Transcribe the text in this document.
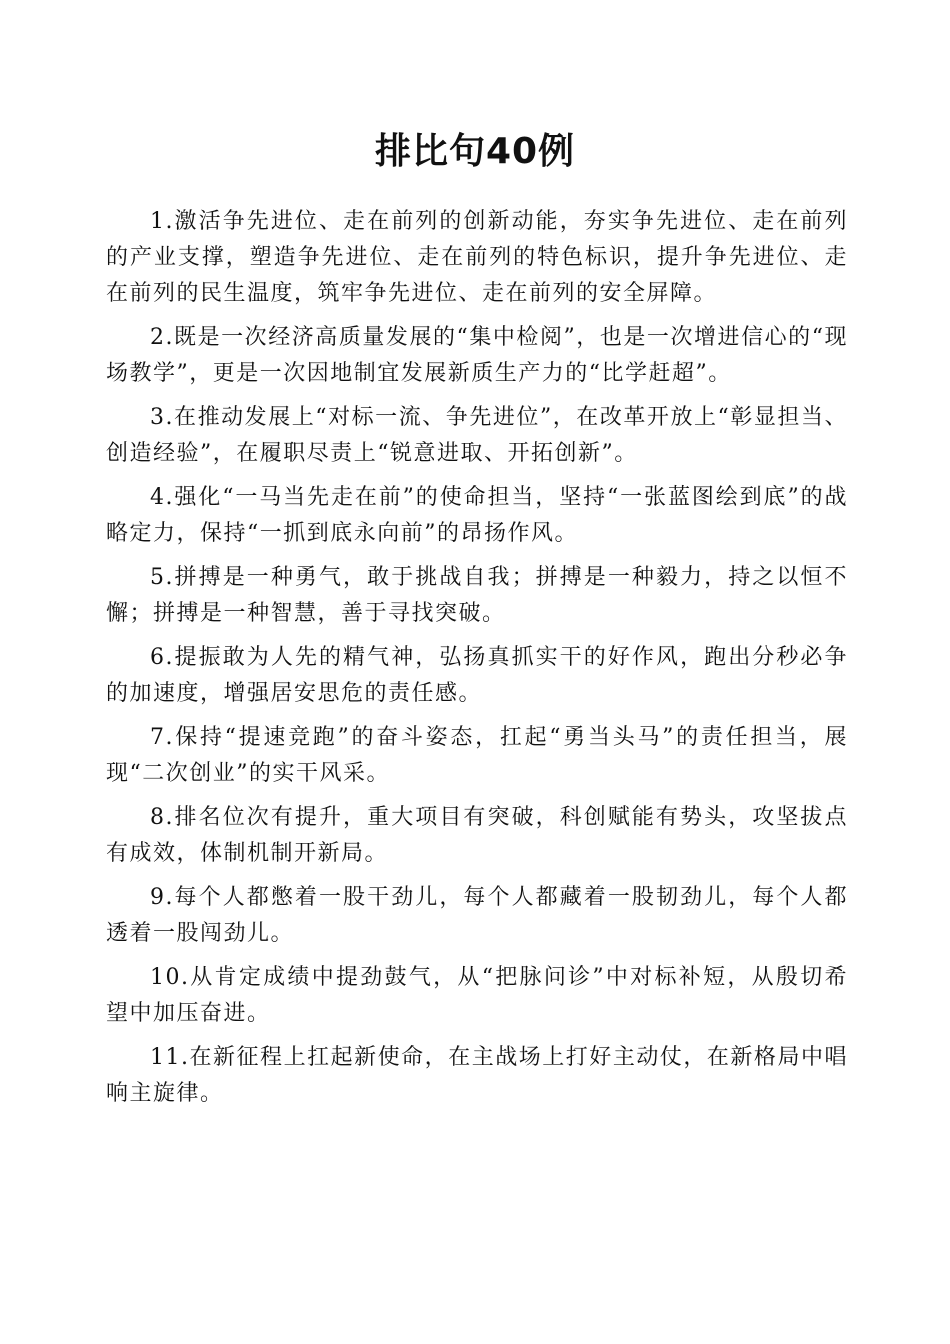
排比句40例

1.激活争先进位、走在前列的创新动能，夯实争先进位、走在前列的产业支撑，塑造争先进位、走在前列的特色标识，提升争先进位、走在前列的民生温度，筑牢争先进位、走在前列的安全屏障。

2.既是一次经济高质量发展的“集中检阅”，也是一次增进信心的“现场教学”，更是一次因地制宜发展新质生产力的“比学赶超”。

3.在推动发展上“对标一流、争先进位”，在改革开放上“彰显担当、创造经验”，在履职尽责上“锐意进取、开拓创新”。

4.强化“一马当先走在前”的使命担当，坚持“一张蓝图绘到底”的战略定力，保持“一抓到底永向前”的昂扬作风。

5.拼搏是一种勇气，敢于挑战自我；拼搏是一种毅力，持之以恒不懈；拼搏是一种智慧，善于寻找突破。

6.提振敢为人先的精气神，弘扬真抓实干的好作风，跑出分秒必争的加速度，增强居安思危的责任感。

7.保持“提速竞跑”的奋斗姿态，扛起“勇当头马”的责任担当，展现“二次创业”的实干风采。

8.排名位次有提升，重大项目有突破，科创赋能有势头，攻坚拔点有成效，体制机制开新局。

9.每个人都憋着一股干劲儿，每个人都藏着一股韧劲儿，每个人都透着一股闯劲儿。

10.从肯定成绩中提劲鼓气，从“把脉问诊”中对标补短，从殷切希望中加压奋进。

11.在新征程上扛起新使命，在主战场上打好主动仗，在新格局中唱响主旋律。
